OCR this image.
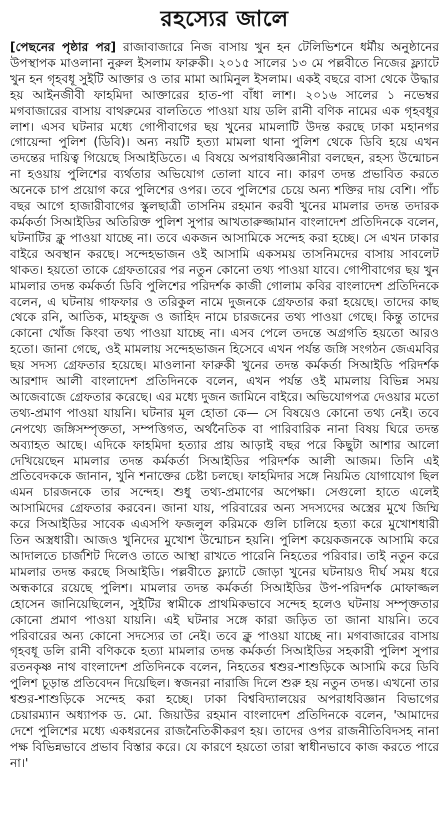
রহস্যের জালে
[পেছনের পৃষ্ঠার পর] রাজাবাজারে নিজ বাসায় খুন হন টেলিভিশনে ধর্মীয় অনুষ্ঠানের উপস্থাপক মাওলানা নুরুল ইসলাম ফারুকী। ২০১৫ সালের ১৩ মে পল্লবীতে নিজের ফ্ল্যাটে খুন হন গৃহবধূ সুইটি আক্তার ও তার মামা আমিনুল ইসলাম। একই বছরে বাসা থেকে উদ্ধার হয় আইনজীবী ফাহমিদা আক্তারের হাত-পা বাঁধা লাশ। ২০১৬ সালের ১ নভেম্বর মগবাজারের বাসায় বাথরুমের বালতিতে পাওয়া যায় ডলি রানী বণিক নামের এক গৃহবধূর লাশ। এসব ঘটনার মধ্যে গোপীবাগের ছয় খুনের মামলাটি উদন্ত করছে ঢাকা মহানগর গোয়েন্দা পুলিশ (ডিবি)। অন্য নয়টি হত্যা মামলা থানা পুলিশ থেকে ডিবি হয়ে এখন তদন্তের দায়িত্ব গিয়েছে সিআইডিতে। এ বিষয়ে অপরাধবিজ্ঞানীরা বলছেন, রহস্য উন্মোচন না হওয়ায় পুলিশের ব্যর্থতার অভিযোগ তোলা যাবে না। কারণ তদন্ত প্রভাবিত করতে অনেকে চাপ প্রয়োগ করে পুলিশের ওপর। তবে পুলিশের চেয়ে অন্য শক্তির দায় বেশি। পাঁচ বছর আগে হাজারীবাগের স্কুলছাত্রী তাসনিম রহমান করবী খুনের মামলার তদন্ত তদারক কর্মকর্তা সিআইডির অতিরিক্ত পুলিশ সুপার আখতারুজ্জামান বাংলাদেশ প্রতিদিনকে বলেন, ঘটনাটির ক্লু পাওয়া যাচ্ছে না। তবে একজন আসামিকে সন্দেহ করা হচ্ছে। সে এখন ঢাকার বাইরে অবস্থান করছে। সন্দেহভাজন ওই আসামি একসময় তাসনিমদের বাসায় সাবলেট থাকত। হয়তো তাকে গ্রেফতারের পর নতুন কোনো তথ্য পাওয়া যাবে। গোপীবাগের ছয় খুন মামলার তদন্ত কর্মকর্তা ডিবি পুলিশের পরিদর্শক কাজী গোলাম কবির বাংলাদেশ প্রতিদিনকে বলেন, এ ঘটনায় গাফফার ও তরিকুল নামে দুজনকে গ্রেফতার করা হয়েছে। তাদের কাছ থেকে রনি, আতিক, মাহফুজ ও জাহিদ নামে চারজনের তথ্য পাওয়া গেছে। কিন্তু তাদের কোনো খোঁজ কিংবা তথ্য পাওয়া যাচ্ছে না। এসব পেলে তদন্তে অগ্রগতি হয়তো আরও হতো। জানা গেছে, ওই মামলায় সন্দেহভাজন হিসেবে এখন পর্যন্ত জঙ্গি সংগঠন জেএমবির ছয় সদস্য গ্রেফতার হয়েছে। মাওলানা ফারুকী খুনের তদন্ত কর্মকর্তা সিআইডি পরিদর্শক আরশাদ আলী বাংলাদেশ প্রতিদিনকে বলেন, এখন পর্যন্ত ওই মামলায় বিভিন্ন সময় আজেবাজে গ্রেফতার করেছে। এর মধ্যে দুজন জামিনে বাইরে। অভিযোগপত্র দেওয়ার মতো তথ্য-প্রমাণ পাওয়া যায়নি। ঘটনার মূল হোতা কে— সে বিষয়েও কোনো তথ্য নেই। তবে নেপথ্যে জঙ্গিসম্পৃক্ততা, সম্পত্তিগত, অর্থনৈতিক বা পারিবারিক নানা বিষয় ঘিরে তদন্ত অব্যাহত আছে। এদিকে ফাহমিদা হত্যার প্রায় আড়াই বছর পরে কিছুটা আশার আলো দেখিয়েছেন মামলার তদন্ত কর্মকর্তা সিআইডির পরিদর্শক আলী আজম। তিনি এই প্রতিবেদককে জানান, খুনি শনাক্তের চেষ্টা চলছে। ফাহমিদার সঙ্গে নিয়মিত যোগাযোগ ছিল এমন চারজনকে তার সন্দেহ। শুধু তথ্য-প্রমাণের অপেক্ষা। সেগুলো হাতে এলেই আসামিদের গ্রেফতার করবেন। জানা যায়, পরিবারের অন্য সদস্যদের অস্ত্রের মুখে জিম্মি করে সিআইডির সাবেক এএসপি ফজলুল করিমকে গুলি চালিয়ে হত্যা করে মুখোশধারী তিন অস্ত্রধারী। আজও খুনিদের মুখোশ উন্মোচন হয়নি। পুলিশ কয়েকজনকে আসামি করে আদালতে চার্জশিট দিলেও তাতে আস্থা রাখতে পারেনি নিহতের পরিবার। তাই নতুন করে মামলার তদন্ত করছে সিআইডি। পল্লবীতে ফ্ল্যাটে জোড়া খুনের ঘটনায়ও দীর্ঘ সময় ধরে অন্ধকারে রয়েছে পুলিশ। মামলার তদন্ত কর্মকর্তা সিআইডির উপ-পরিদর্শক মোফাজ্জল হোসেন জানিয়েছিলেন, সুইটির স্বামীকে প্রাথমিকভাবে সন্দেহ হলেও ঘটনায় সম্পৃক্ততার কোনো প্রমাণ পাওয়া যায়নি। এই ঘটনার সঙ্গে কারা জড়িত তা জানা যায়নি। তবে পরিবারের অন্য কোনো সদস্যের তা নেই। তবে ক্লু পাওয়া যাচ্ছে না। মগবাজারের বাসায় গৃহবধূ ডলি রানী বণিককে হত্যা মামলার তদন্ত কর্মকর্তা সিআইডির সহকারী পুলিশ সুপার রতনকৃষ্ণ নাথ বাংলাদেশ প্রতিদিনকে বলেন, নিহতের শ্বশুর-শাশুড়িকে আসামি করে ডিবি পুলিশ চূড়ান্ত প্রতিবেদন দিয়েছিল। স্বজনরা নারাজি দিলে শুরু হয় নতুন তদন্ত। এখনো তার শ্বশুর-শাশুড়িকে সন্দেহ করা হচ্ছে। ঢাকা বিশ্ববিদ্যালয়ের অপরাধবিজ্ঞান বিভাগের চেয়ারম্যান অধ্যাপক ড. মো. জিয়াউর রহমান বাংলাদেশ প্রতিদিনকে বলেন, 'আমাদের দেশে পুলিশের মধ্যে একধরনের রাজনৈতিকীকরণ হয়। তাদের ওপর রাজনীতিবিদসহ নানা পক্ষ বিভিন্নভাবে প্রভাব বিস্তার করে। যে কারণে হয়তো তারা স্বাধীনভাবে কাজ করতে পারে না।'
